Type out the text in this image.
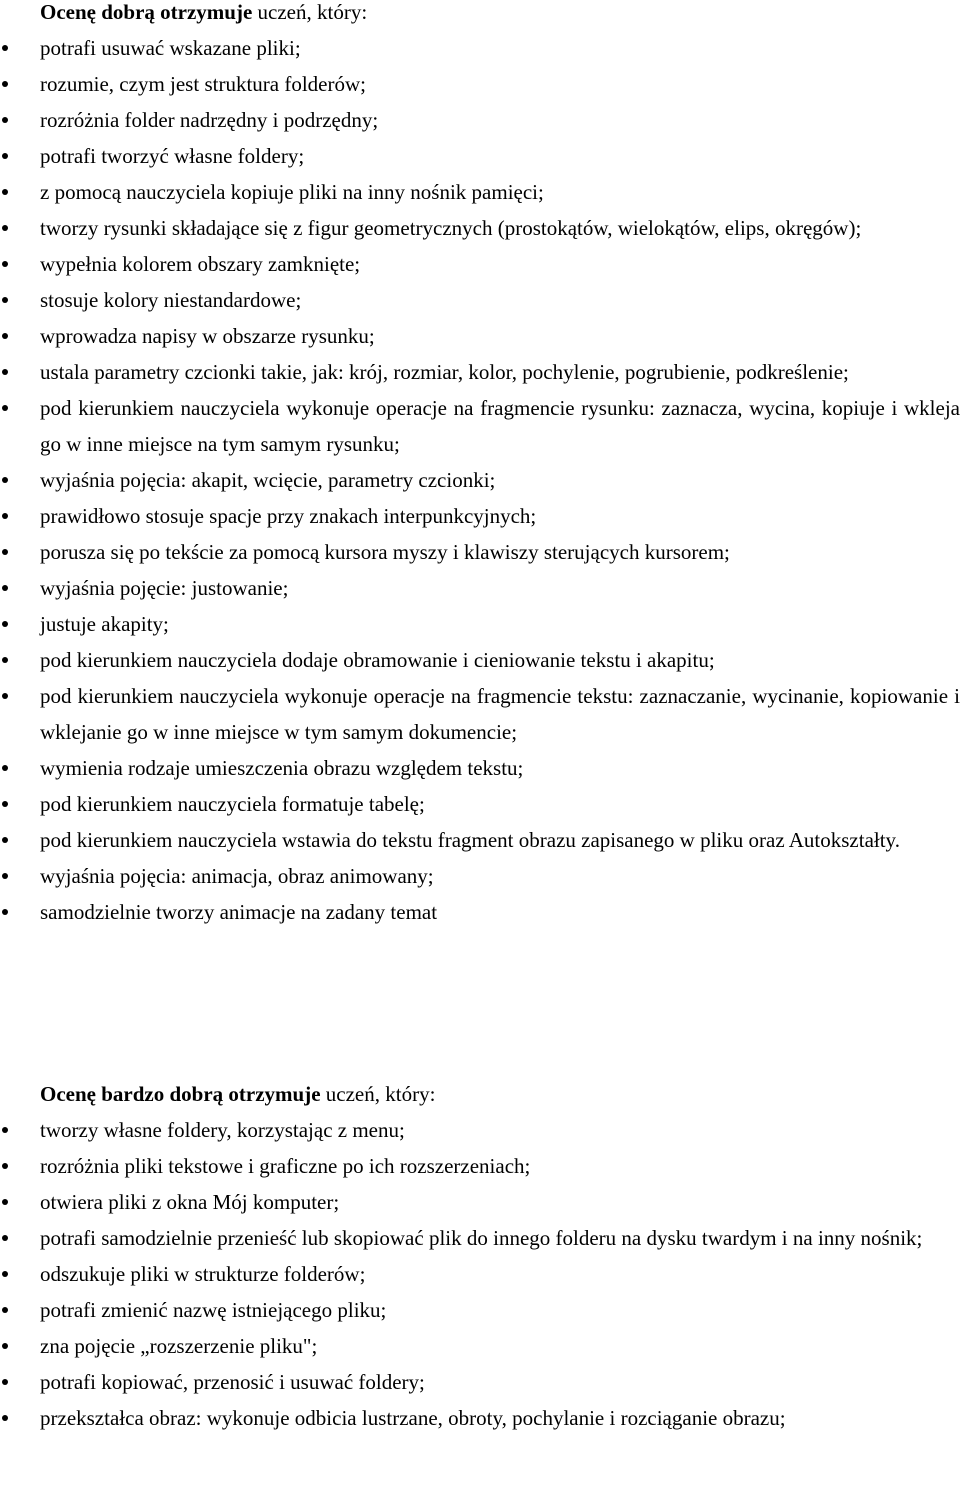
Ocenę dobrą otrzymuje uczeń, który:

potrafi usuwać wskazane pliki;
rozumie, czym jest struktura folderów;
rozróżnia folder nadrzędny i podrzędny;
potrafi tworzyć własne foldery;
z pomocą nauczyciela kopiuje pliki na inny nośnik pamięci;
tworzy rysunki składające się z figur geometrycznych (prostokątów, wielokątów, elips, okręgów);
wypełnia kolorem obszary zamknięte;
stosuje kolory niestandardowe;
wprowadza napisy w obszarze rysunku;
ustala parametry czcionki takie, jak: krój, rozmiar, kolor, pochylenie, pogrubienie, podkreślenie;
pod kierunkiem nauczyciela wykonuje operacje na fragmencie rysunku: zaznacza, wycina, kopiuje i wkleja go w inne miejsce na tym samym rysunku;
wyjaśnia pojęcia: akapit, wcięcie, parametry czcionki;
prawidłowo stosuje spacje przy znakach interpunkcyjnych;
porusza się po tekście za pomocą kursora myszy i klawiszy sterujących kursorem;
wyjaśnia pojęcie: justowanie;
justuje akapity;
pod kierunkiem nauczyciela dodaje obramowanie i cieniowanie tekstu i akapitu;
pod kierunkiem nauczyciela wykonuje operacje na fragmencie tekstu: zaznaczanie, wycinanie, kopiowanie i wklejanie go w inne miejsce w tym samym dokumencie;
wymienia rodzaje umieszczenia obrazu względem tekstu;
pod kierunkiem nauczyciela formatuje tabelę;
pod kierunkiem nauczyciela wstawia do tekstu fragment obrazu zapisanego w pliku oraz Autokształty.
wyjaśnia pojęcia: animacja, obraz animowany;
samodzielnie tworzy animacje na zadany temat

Ocenę bardzo dobrą otrzymuje uczeń, który:

tworzy własne foldery, korzystając z menu;
rozróżnia pliki tekstowe i graficzne po ich rozszerzeniach;
otwiera pliki z okna Mój komputer;
potrafi samodzielnie przenieść lub skopiować plik do innego folderu na dysku twardym i na inny nośnik;
odszukuje pliki w strukturze folderów;
potrafi zmienić nazwę istniejącego pliku;
zna pojęcie „rozszerzenie pliku";
potrafi kopiować, przenosić i usuwać foldery;
przekształca obraz: wykonuje odbicia lustrzane, obroty, pochylanie i rozciąganie obrazu;
